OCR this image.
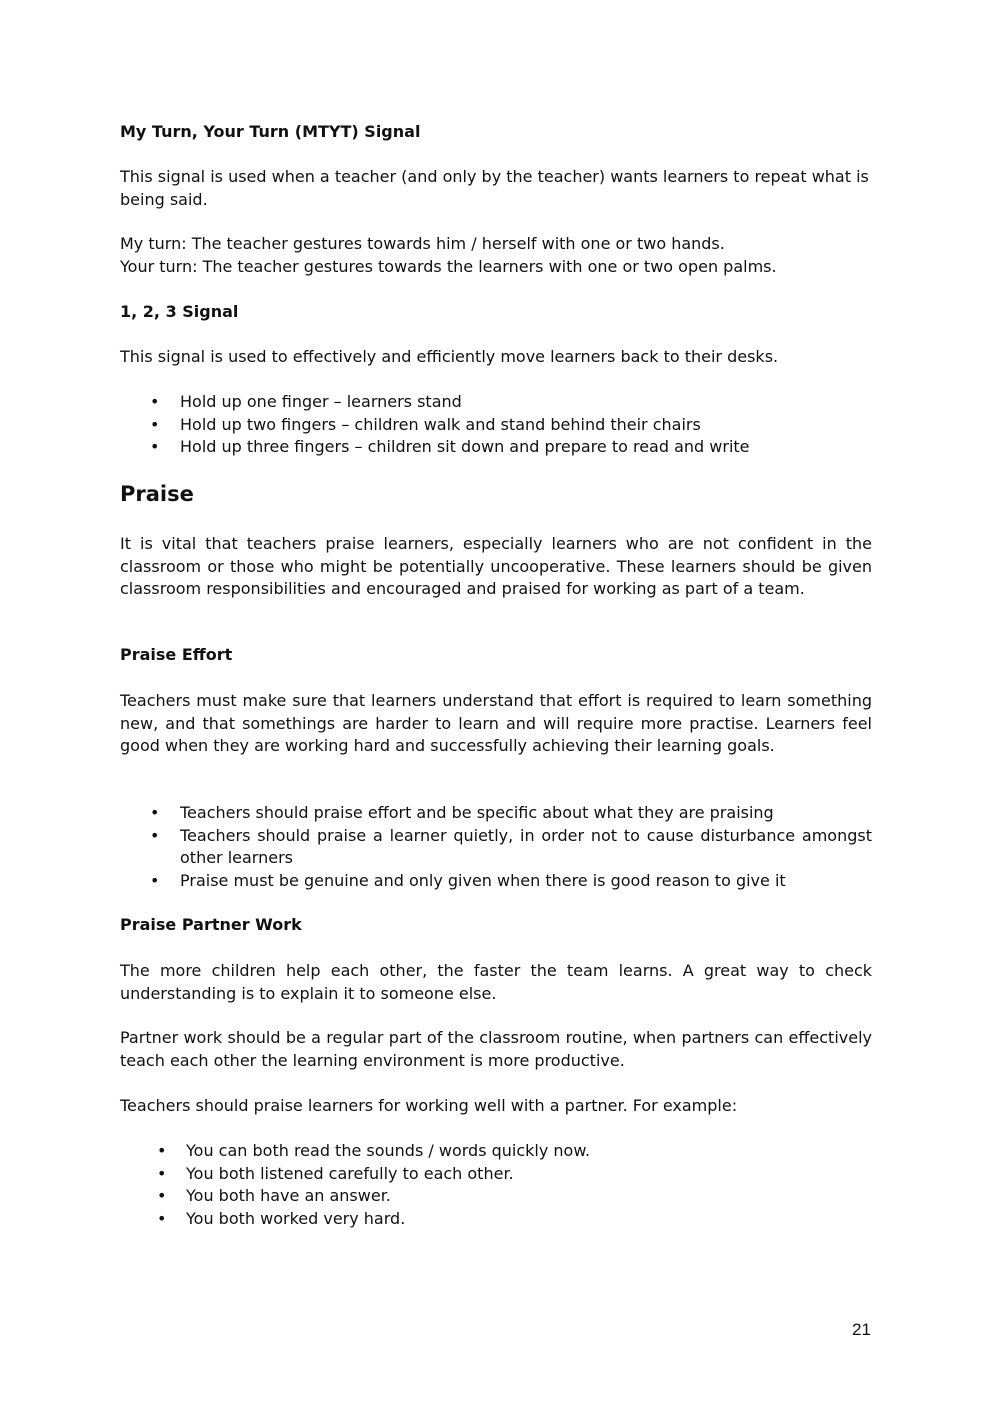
My Turn, Your Turn (MTYT) Signal

This signal is used when a teacher (and only by the teacher) wants learners to repeat what is being said.

My turn: The teacher gestures towards him / herself with one or two hands.
Your turn: The teacher gestures towards the learners with one or two open palms.

1, 2, 3 Signal

This signal is used to effectively and efficiently move learners back to their desks.

• Hold up one finger – learners stand
• Hold up two fingers – children walk and stand behind their chairs
• Hold up three fingers – children sit down and prepare to read and write
Praise

It is vital that teachers praise learners, especially learners who are not confident in the classroom or those who might be potentially uncooperative. These learners should be given classroom responsibilities and encouraged and praised for working as part of a team.

Praise Effort

Teachers must make sure that learners understand that effort is required to learn something new, and that somethings are harder to learn and will require more practise. Learners feel good when they are working hard and successfully achieving their learning goals.

• Teachers should praise effort and be specific about what they are praising
• Teachers should praise a learner quietly, in order not to cause disturbance amongst other learners
• Praise must be genuine and only given when there is good reason to give it
Praise Partner Work

The more children help each other, the faster the team learns. A great way to check understanding is to explain it to someone else.

Partner work should be a regular part of the classroom routine, when partners can effectively teach each other the learning environment is more productive.

Teachers should praise learners for working well with a partner. For example:

• You can both read the sounds / words quickly now.
• You both listened carefully to each other.
• You both have an answer.
• You both worked very hard.
21
